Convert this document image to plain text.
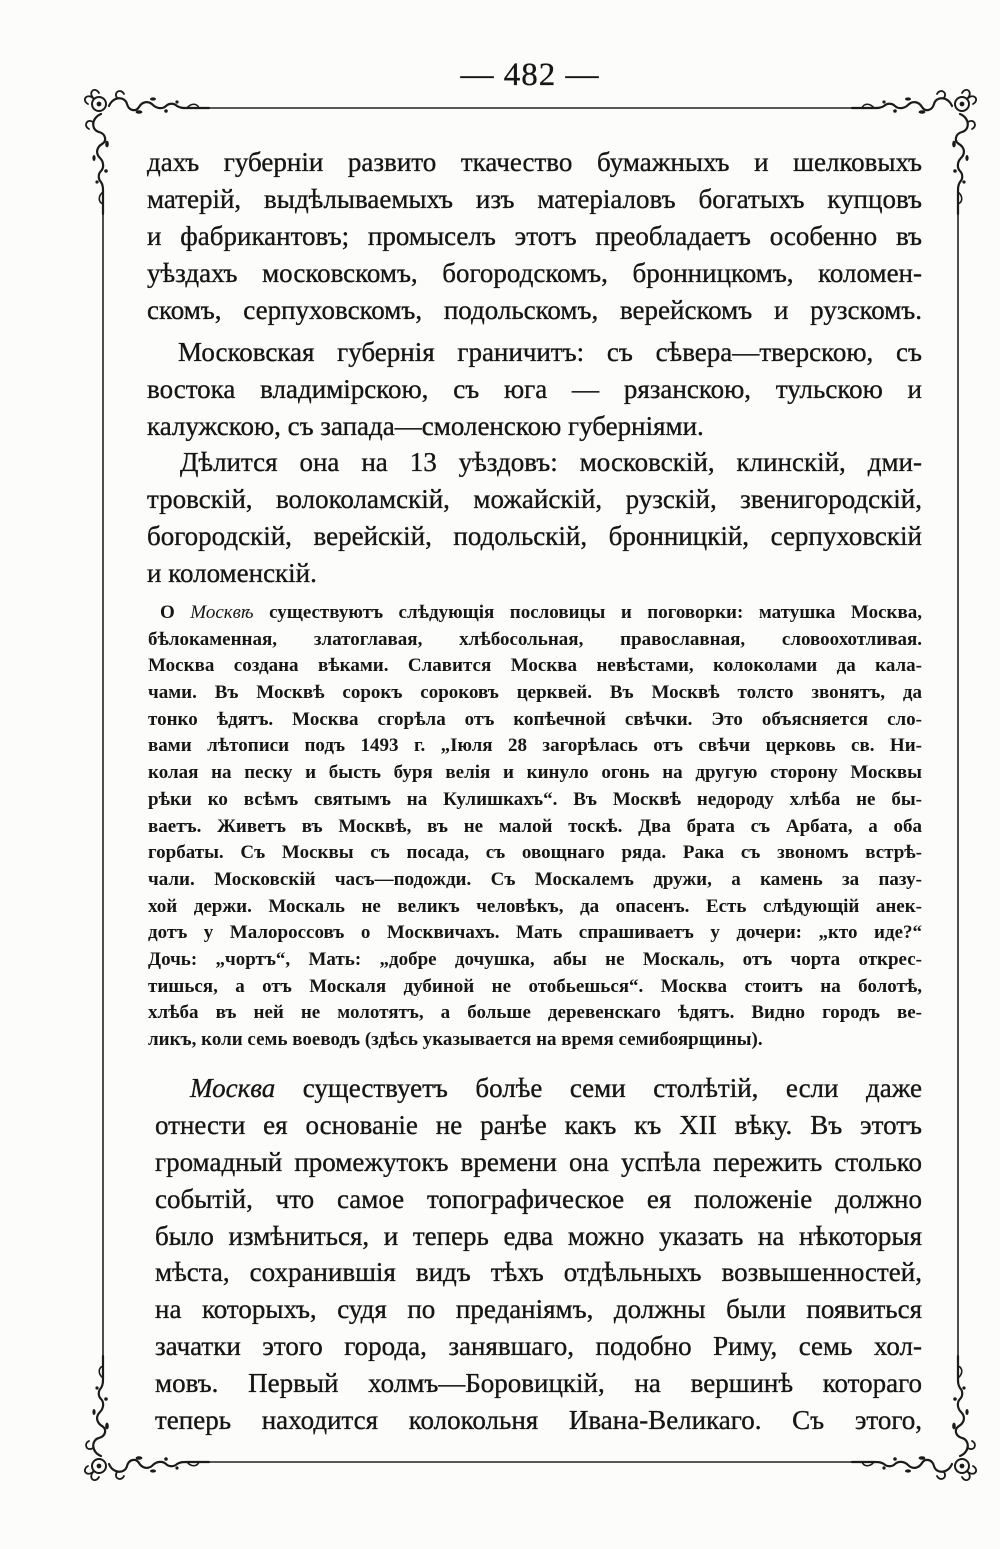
— 482 —
дахъ губерніи развито ткачество бумажныхъ и шелковыхъ
матерій, выдѣлываемыхъ изъ матеріаловъ богатыхъ купцовъ
и фабрикантовъ; промыселъ этотъ преобладаетъ особенно въ
уѣздахъ московскомъ, богородскомъ, бронницкомъ, коломен-
скомъ, серпуховскомъ, подольскомъ, верейскомъ и рузскомъ.
Московская губернія граничитъ: съ сѣвера—тверскою, съ
востока владимірскою, съ юга — рязанскою, тульскою и
калужскою, съ запада—смоленскою губерніями.
Дѣлится она на 13 уѣздовъ: московскій, клинскій, дми-
тровскій, волоколамскій, можайскій, рузскій, звенигородскій,
богородскій, верейскій, подольскій, бронницкій, серпуховскій
и коломенскій.
О Москвѣ существуютъ слѣдующія пословицы и поговорки: матушка Москва,
бѣлокаменная, златоглавая, хлѣбосольная, православная, словоохотливая.
Москва создана вѣками. Славится Москва невѣстами, колоколами да кала-
чами. Въ Москвѣ сорокъ сороковъ церквей. Въ Москвѣ толсто звонятъ, да
тонко ѣдятъ. Москва сгорѣла отъ копѣечной свѣчки. Это объясняется сло-
вами лѣтописи подъ 1493 г. „Іюля 28 загорѣлась отъ свѣчи церковь св. Ни-
колая на песку и бысть буря велія и кинуло огонь на другую сторону Москвы
рѣки ко всѣмъ святымъ на Кулишкахъ“. Въ Москвѣ недороду хлѣба не бы-
ваетъ. Живетъ въ Москвѣ, въ не малой тоскѣ. Два брата съ Арбата, а оба
горбаты. Съ Москвы съ посада, съ овощнаго ряда. Рака съ звономъ встрѣ-
чали. Московскій часъ—подожди. Съ Москалемъ дружи, а камень за пазу-
хой держи. Москаль не великъ человѣкъ, да опасенъ. Есть слѣдующій анек-
дотъ у Малороссовъ о Москвичахъ. Мать спрашиваетъ у дочери: „кто иде?“
Дочь: „чортъ“, Мать: „добре дочушка, абы не Москаль, отъ чорта открес-
тишься, а отъ Москаля дубиной не отобьешься“. Москва стоитъ на болотѣ,
хлѣба въ ней не молотятъ, а больше деревенскаго ѣдятъ. Видно городъ ве-
ликъ, коли семь воеводъ (здѣсь указывается на время семибоярщины).
Москва существуетъ болѣе семи столѣтій, если даже
отнести ея основаніе не ранѣе какъ къ XII вѣку. Въ этотъ
громадный промежутокъ времени она успѣла пережить столько
событій, что самое топографическое ея положеніе должно
было измѣниться, и теперь едва можно указать на нѣкоторыя
мѣста, сохранившія видъ тѣхъ отдѣльныхъ возвышенностей,
на которыхъ, судя по преданіямъ, должны были появиться
зачатки этого города, занявшаго, подобно Риму, семь хол-
мовъ. Первый холмъ—Боровицкій, на вершинѣ котораго
теперь находится колокольня Ивана-Великаго. Съ этого,
